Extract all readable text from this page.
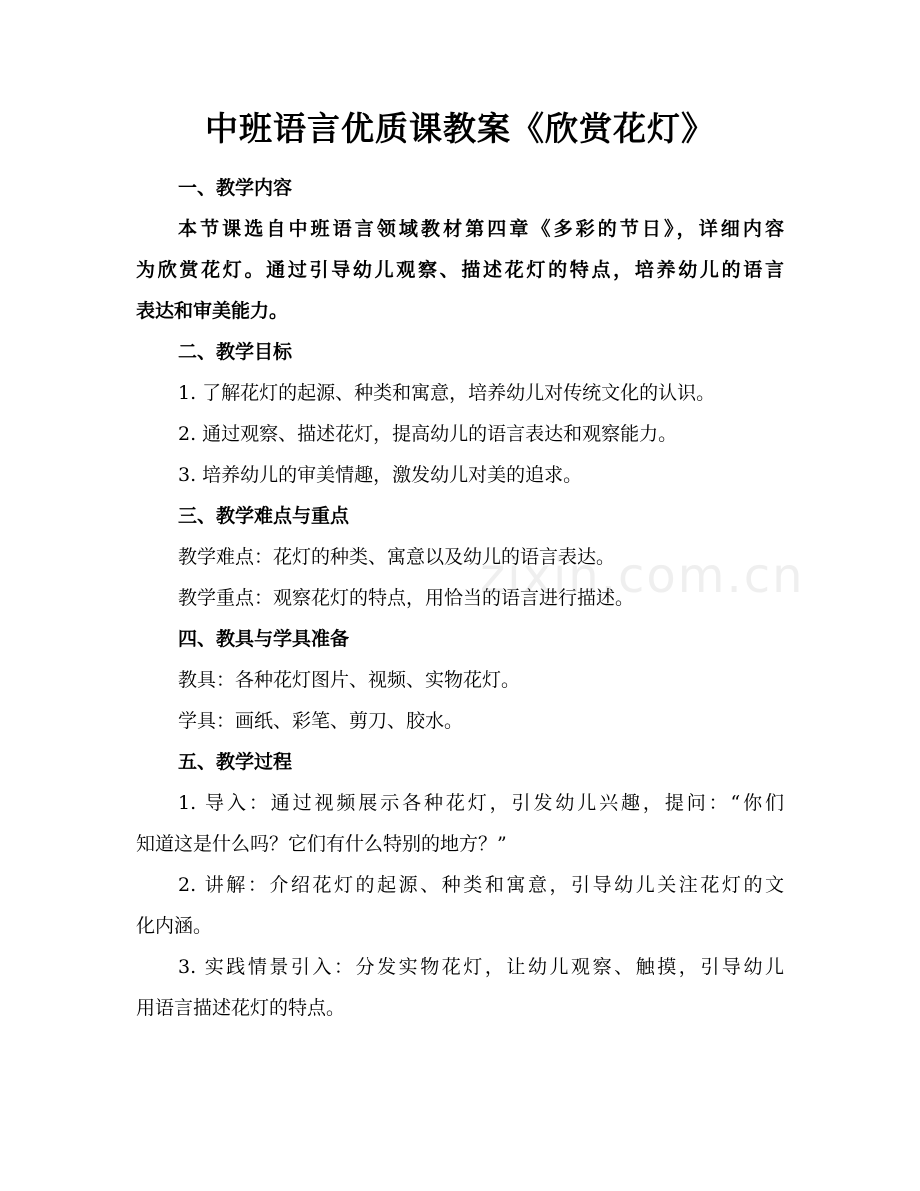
中班语言优质课教案《欣赏花灯》
一、教学内容
本节课选自中班语言领域教材第四章《多彩的节日》，详细内容
为欣赏花灯。通过引导幼儿观察、描述花灯的特点，培养幼儿的语言
表达和审美能力。
二、教学目标
1. 了解花灯的起源、种类和寓意，培养幼儿对传统文化的认识。
2. 通过观察、描述花灯，提高幼儿的语言表达和观察能力。
3. 培养幼儿的审美情趣，激发幼儿对美的追求。
三、教学难点与重点
教学难点：花灯的种类、寓意以及幼儿的语言表达。
教学重点：观察花灯的特点，用恰当的语言进行描述。
四、教具与学具准备
教具：各种花灯图片、视频、实物花灯。
学具：画纸、彩笔、剪刀、胶水。
五、教学过程
1. 导入：通过视频展示各种花灯，引发幼儿兴趣，提问：“你们
知道这是什么吗？它们有什么特别的地方？”
2. 讲解：介绍花灯的起源、种类和寓意，引导幼儿关注花灯的文
化内涵。
3. 实践情景引入：分发实物花灯，让幼儿观察、触摸，引导幼儿
用语言描述花灯的特点。
zixin.com.cn
